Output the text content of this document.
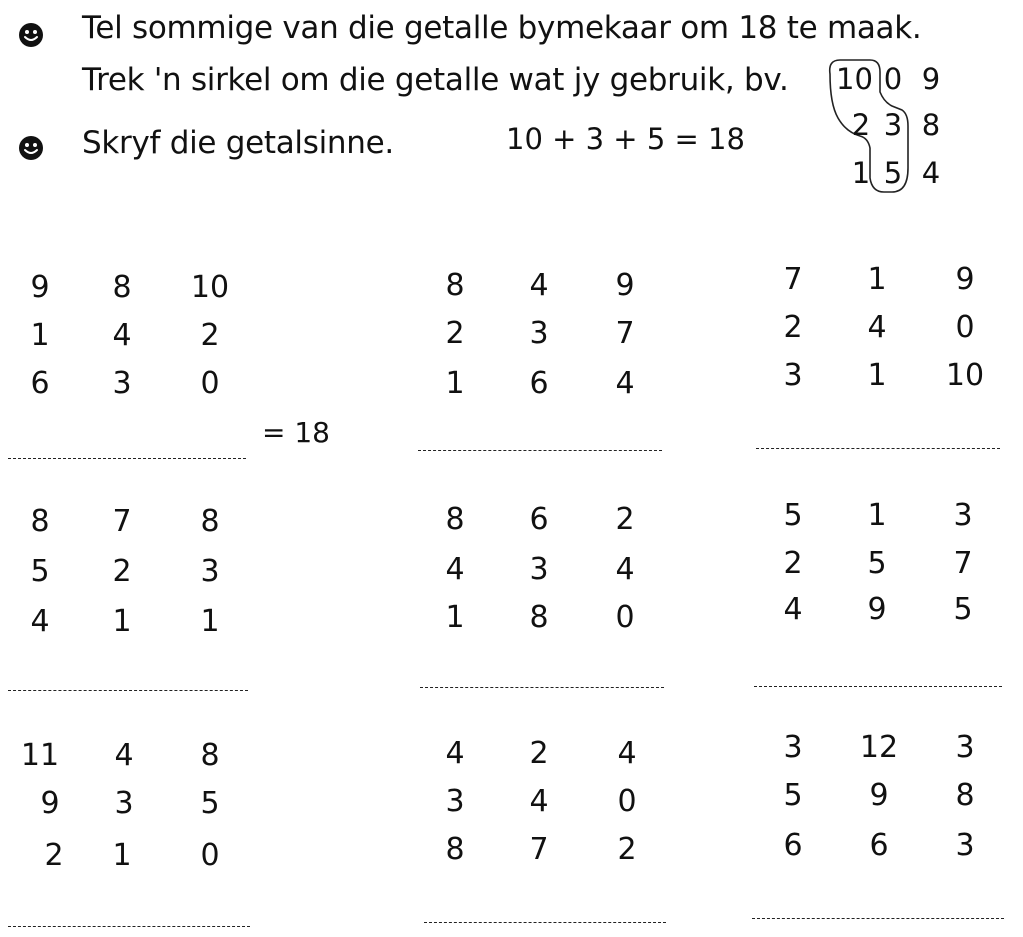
Tel sommige van die getalle bymekaar om 18 te maak.
Trek 'n sirkel om die getalle wat jy gebruik, bv.
Skryf die getalsinne.	10 + 3 + 5 = 18
10 0 9
2 3 8
1 5 4
9	8	10
1	4	2
6	3	0
= 18
8	4	9
2	3	7
1	6	4
7	1	9
2	4	0
3	1	10
8	7	8
5	2	3
4	1	1
8	6	2
4	3	4
1	8	0
5	1	3
2	5	7
4	9	5
11	4	8
9	3	5
2	1	0
4	2	4
3	4	0
8	7	2
3	12	3
5	9	8
6	6	3
